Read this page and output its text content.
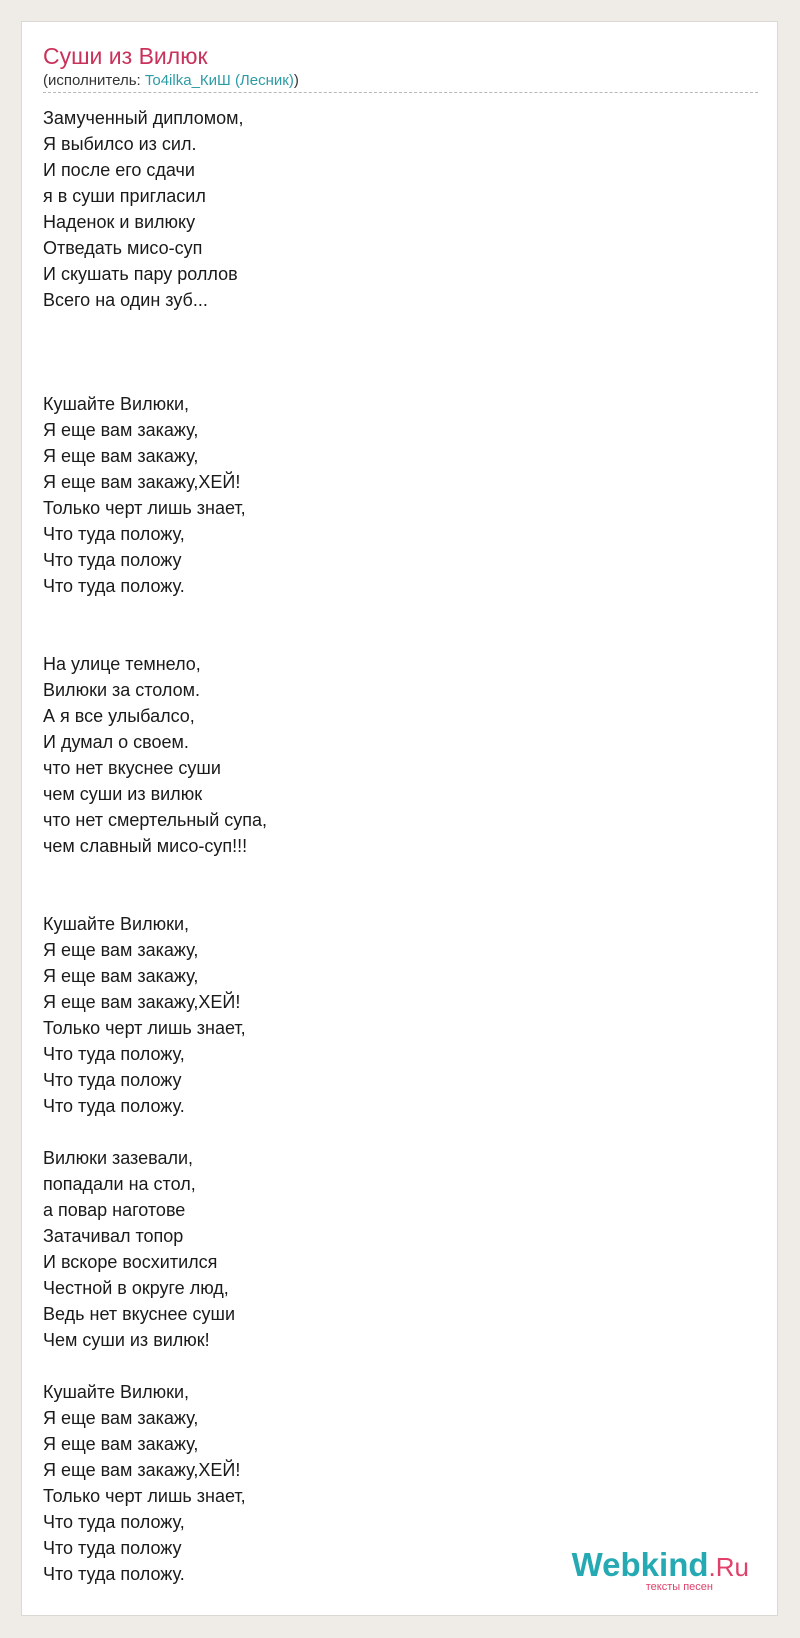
Суши из Вилюк
(исполнитель: To4ilka_КиШ (Лесник))
Замученный дипломом,
Я выбилсо из сил.
И после его сдачи
я в суши пригласил
Наденок и вилюку
Отведать мисо-суп
И скушать пару роллов
Всего на один зуб...
Кушайте Вилюки,
Я еще вам закажу,
Я еще вам закажу,
Я еще вам закажу,ХЕЙ!
Только черт лишь знает,
Что туда положу,
Что туда положу
Что туда положу.
На улице темнело,
Вилюки за столом.
А я все улыбалсо,
И думал о своем.
что нет вкуснее суши
чем суши из вилюк
что нет смертельный супа,
чем славный мисо-суп!!!
Кушайте Вилюки,
Я еще вам закажу,
Я еще вам закажу,
Я еще вам закажу,ХЕЙ!
Только черт лишь знает,
Что туда положу,
Что туда положу
Что туда положу.
Вилюки зазевали,
попадали на стол,
а повар наготове
Затачивал топор
И вскоре восхитился
Честной в округе люд,
Ведь нет вкуснее суши
Чем суши из вилюк!
Кушайте Вилюки,
Я еще вам закажу,
Я еще вам закажу,
Я еще вам закажу,ХЕЙ!
Только черт лишь знает,
Что туда положу,
Что туда положу
Что туда положу.	Webkind.Ru
тексты песен
